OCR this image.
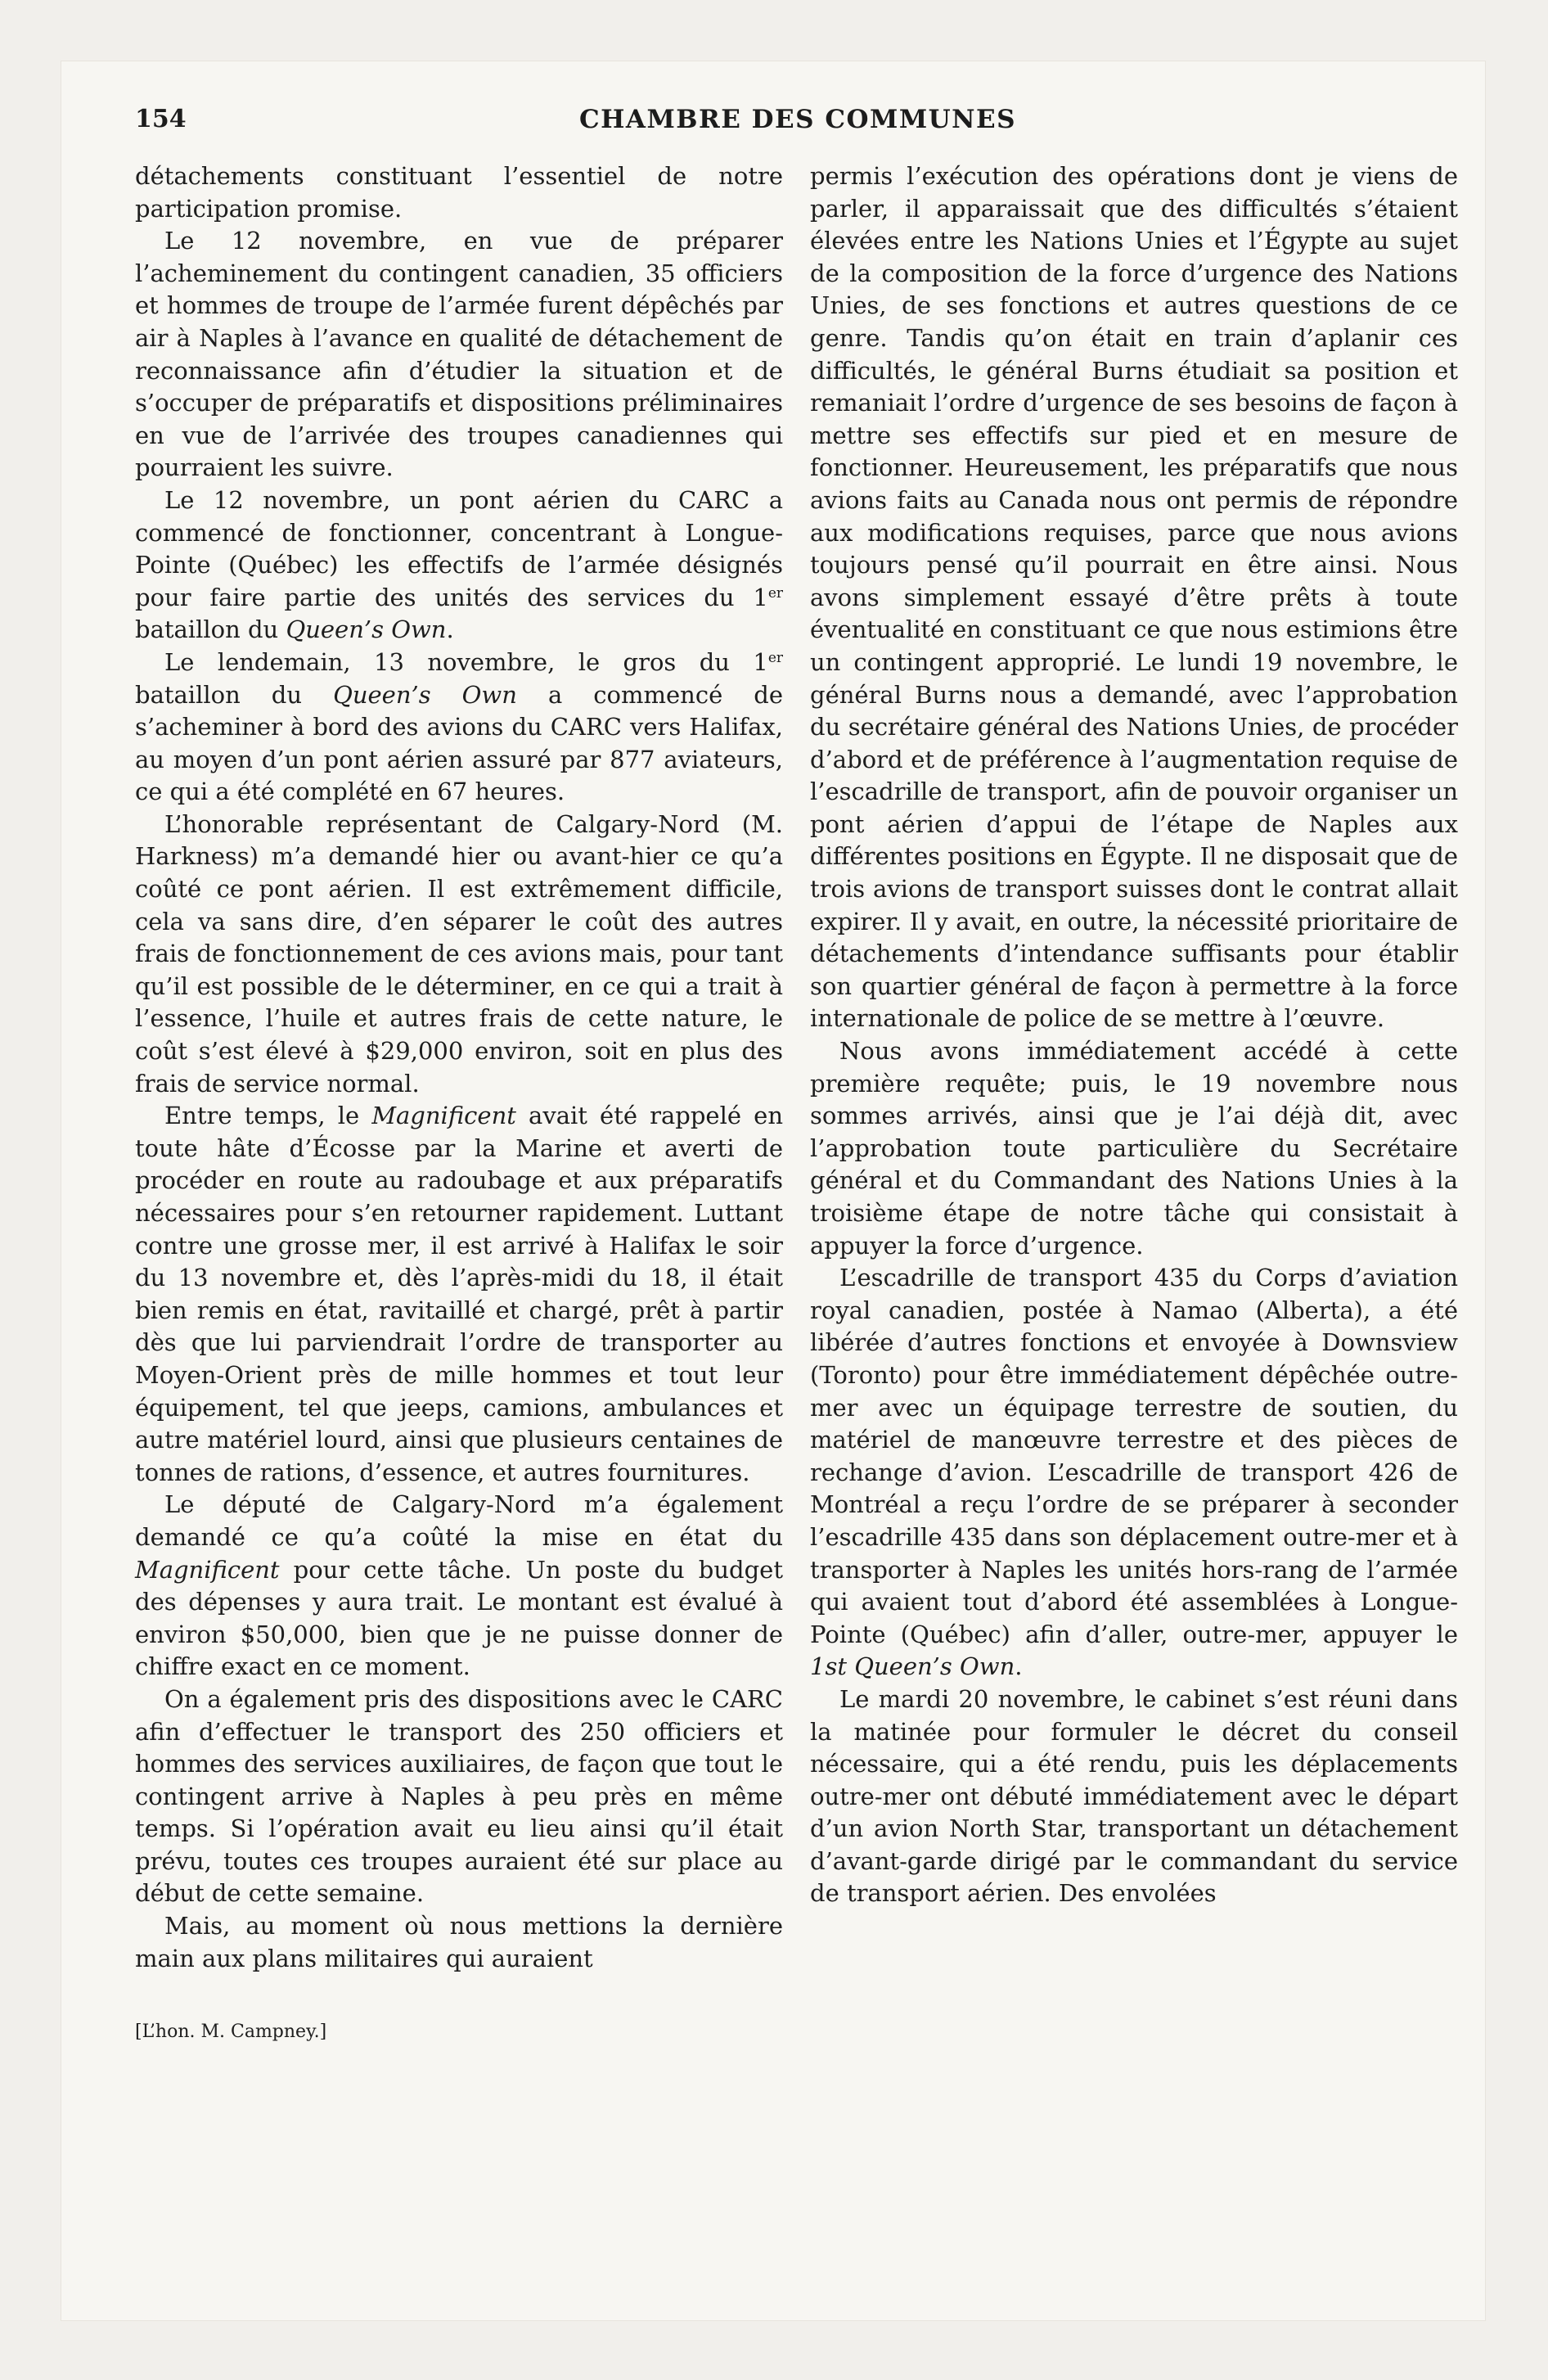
154	CHAMBRE DES COMMUNES

détachements constituant l’essentiel de notre participation promise.

Le 12 novembre, en vue de préparer l’acheminement du contingent canadien, 35 officiers et hommes de troupe de l’armée furent dépêchés par air à Naples à l’avance en qualité de détachement de reconnaissance afin d’étudier la situation et de s’occuper de préparatifs et dispositions préliminaires en vue de l’arrivée des troupes canadiennes qui pourraient les suivre.

Le 12 novembre, un pont aérien du CARC a commencé de fonctionner, concentrant à Longue-Pointe (Québec) les effectifs de l’armée désignés pour faire partie des unités des services du 1er bataillon du Queen’s Own.

Le lendemain, 13 novembre, le gros du 1er bataillon du Queen’s Own a commencé de s’acheminer à bord des avions du CARC vers Halifax, au moyen d’un pont aérien assuré par 877 aviateurs, ce qui a été complété en 67 heures.

L’honorable représentant de Calgary-Nord (M. Harkness) m’a demandé hier ou avant-hier ce qu’a coûté ce pont aérien. Il est extrêmement difficile, cela va sans dire, d’en séparer le coût des autres frais de fonctionnement de ces avions mais, pour tant qu’il est possible de le déterminer, en ce qui a trait à l’essence, l’huile et autres frais de cette nature, le coût s’est élevé à $29,000 environ, soit en plus des frais de service normal.

Entre temps, le Magnificent avait été rappelé en toute hâte d’Écosse par la Marine et averti de procéder en route au radoubage et aux préparatifs nécessaires pour s’en retourner rapidement. Luttant contre une grosse mer, il est arrivé à Halifax le soir du 13 novembre et, dès l’après-midi du 18, il était bien remis en état, ravitaillé et chargé, prêt à partir dès que lui parviendrait l’ordre de transporter au Moyen-Orient près de mille hommes et tout leur équipement, tel que jeeps, camions, ambulances et autre matériel lourd, ainsi que plusieurs centaines de tonnes de rations, d’essence, et autres fournitures.

Le député de Calgary-Nord m’a également demandé ce qu’a coûté la mise en état du Magnificent pour cette tâche. Un poste du budget des dépenses y aura trait. Le montant est évalué à environ $50,000, bien que je ne puisse donner de chiffre exact en ce moment.

On a également pris des dispositions avec le CARC afin d’effectuer le transport des 250 officiers et hommes des services auxiliaires, de façon que tout le contingent arrive à Naples à peu près en même temps. Si l’opération avait eu lieu ainsi qu’il était prévu, toutes ces troupes auraient été sur place au début de cette semaine.

Mais, au moment où nous mettions la dernière main aux plans militaires qui auraient

[L’hon. M. Campney.]

permis l’exécution des opérations dont je viens de parler, il apparaissait que des difficultés s’étaient élevées entre les Nations Unies et l’Égypte au sujet de la composition de la force d’urgence des Nations Unies, de ses fonctions et autres questions de ce genre. Tandis qu’on était en train d’aplanir ces difficultés, le général Burns étudiait sa position et remaniait l’ordre d’urgence de ses besoins de façon à mettre ses effectifs sur pied et en mesure de fonctionner. Heureusement, les préparatifs que nous avions faits au Canada nous ont permis de répondre aux modifications requises, parce que nous avions toujours pensé qu’il pourrait en être ainsi. Nous avons simplement essayé d’être prêts à toute éventualité en constituant ce que nous estimions être un contingent approprié. Le lundi 19 novembre, le général Burns nous a demandé, avec l’approbation du secrétaire général des Nations Unies, de procéder d’abord et de préférence à l’augmentation requise de l’escadrille de transport, afin de pouvoir organiser un pont aérien d’appui de l’étape de Naples aux différentes positions en Égypte. Il ne disposait que de trois avions de transport suisses dont le contrat allait expirer. Il y avait, en outre, la nécessité prioritaire de détachements d’intendance suffisants pour établir son quartier général de façon à permettre à la force internationale de police de se mettre à l’œuvre.

Nous avons immédiatement accédé à cette première requête; puis, le 19 novembre nous sommes arrivés, ainsi que je l’ai déjà dit, avec l’approbation toute particulière du Secrétaire général et du Commandant des Nations Unies à la troisième étape de notre tâche qui consistait à appuyer la force d’urgence.

L’escadrille de transport 435 du Corps d’aviation royal canadien, postée à Namao (Alberta), a été libérée d’autres fonctions et envoyée à Downsview (Toronto) pour être immédiatement dépêchée outre-mer avec un équipage terrestre de soutien, du matériel de manœuvre terrestre et des pièces de rechange d’avion. L’escadrille de transport 426 de Montréal a reçu l’ordre de se préparer à seconder l’escadrille 435 dans son déplacement outre-mer et à transporter à Naples les unités hors-rang de l’armée qui avaient tout d’abord été assemblées à Longue-Pointe (Québec) afin d’aller, outre-mer, appuyer le 1st Queen’s Own.

Le mardi 20 novembre, le cabinet s’est réuni dans la matinée pour formuler le décret du conseil nécessaire, qui a été rendu, puis les déplacements outre-mer ont débuté immédiatement avec le départ d’un avion North Star, transportant un détachement d’avant-garde dirigé par le commandant du service de transport aérien. Des envolées
